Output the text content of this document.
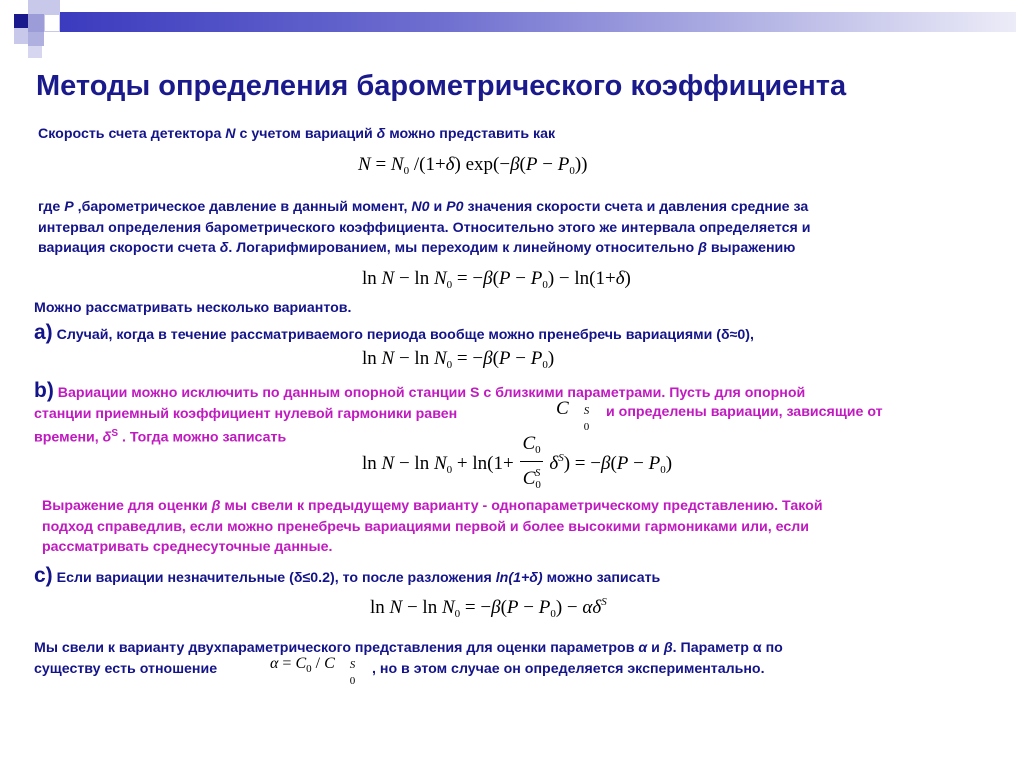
Методы определения барометрического коэффициента
Скорость счета детектора N с учетом вариаций δ можно представить как
$N = N_0$ /(1+δ) $\exp(-\beta(P - P_0))$
где P ,барометрическое давление в данный момент, N0 и P0 значения скорости счета и давления средние за
интервал определения барометрического коэффициента. Относительно этого же интервала определяется и
вариация скорости счета δ. Логарифмированием, мы переходим к линейному относительно β выражению
$\ln N - \ln N_0 = -\beta(P - P_0) - \ln(1+\delta)$
Можно рассматривать несколько вариантов.
a) Случай, когда в течение рассматриваемого периода вообще можно пренебречь вариациями (δ≈0),
$\ln N - \ln N_0 = -\beta(P - P_0)$
b) Вариации можно исключить по данным опорной станции S с близкими параметрами. Пусть для опорной
станции приемный коэффициент нулевой гармоники равен
времени, $\delta^S$ . Тогда можно записать
и определены вариации, зависящие от
C S
0
$\ln N - \ln N_0 + \ln(1+ \frac{C_0}{C_0^S} \delta^S) = -\beta(P - P_0)$
Выражение для оценки β мы свели к предыдущему варианту - однопараметрическому представлению. Такой
подход справедлив, если можно пренебречь вариациями первой и более высокими гармониками или, если
рассматривать среднесуточные данные.
c) Если вариации незначительные (δ≤0.2), то после разложения ln(1+δ) можно записать
$\ln N - \ln N_0 = -\beta(P - P_0) - \alpha\delta^S$
Мы свели к варианту двухпараметрического представления для оценки параметров α и β. Параметр α по
существу есть отношение	$\alpha = C_0 / C$ S
0
, но в этом случае он определяется экспериментально.
